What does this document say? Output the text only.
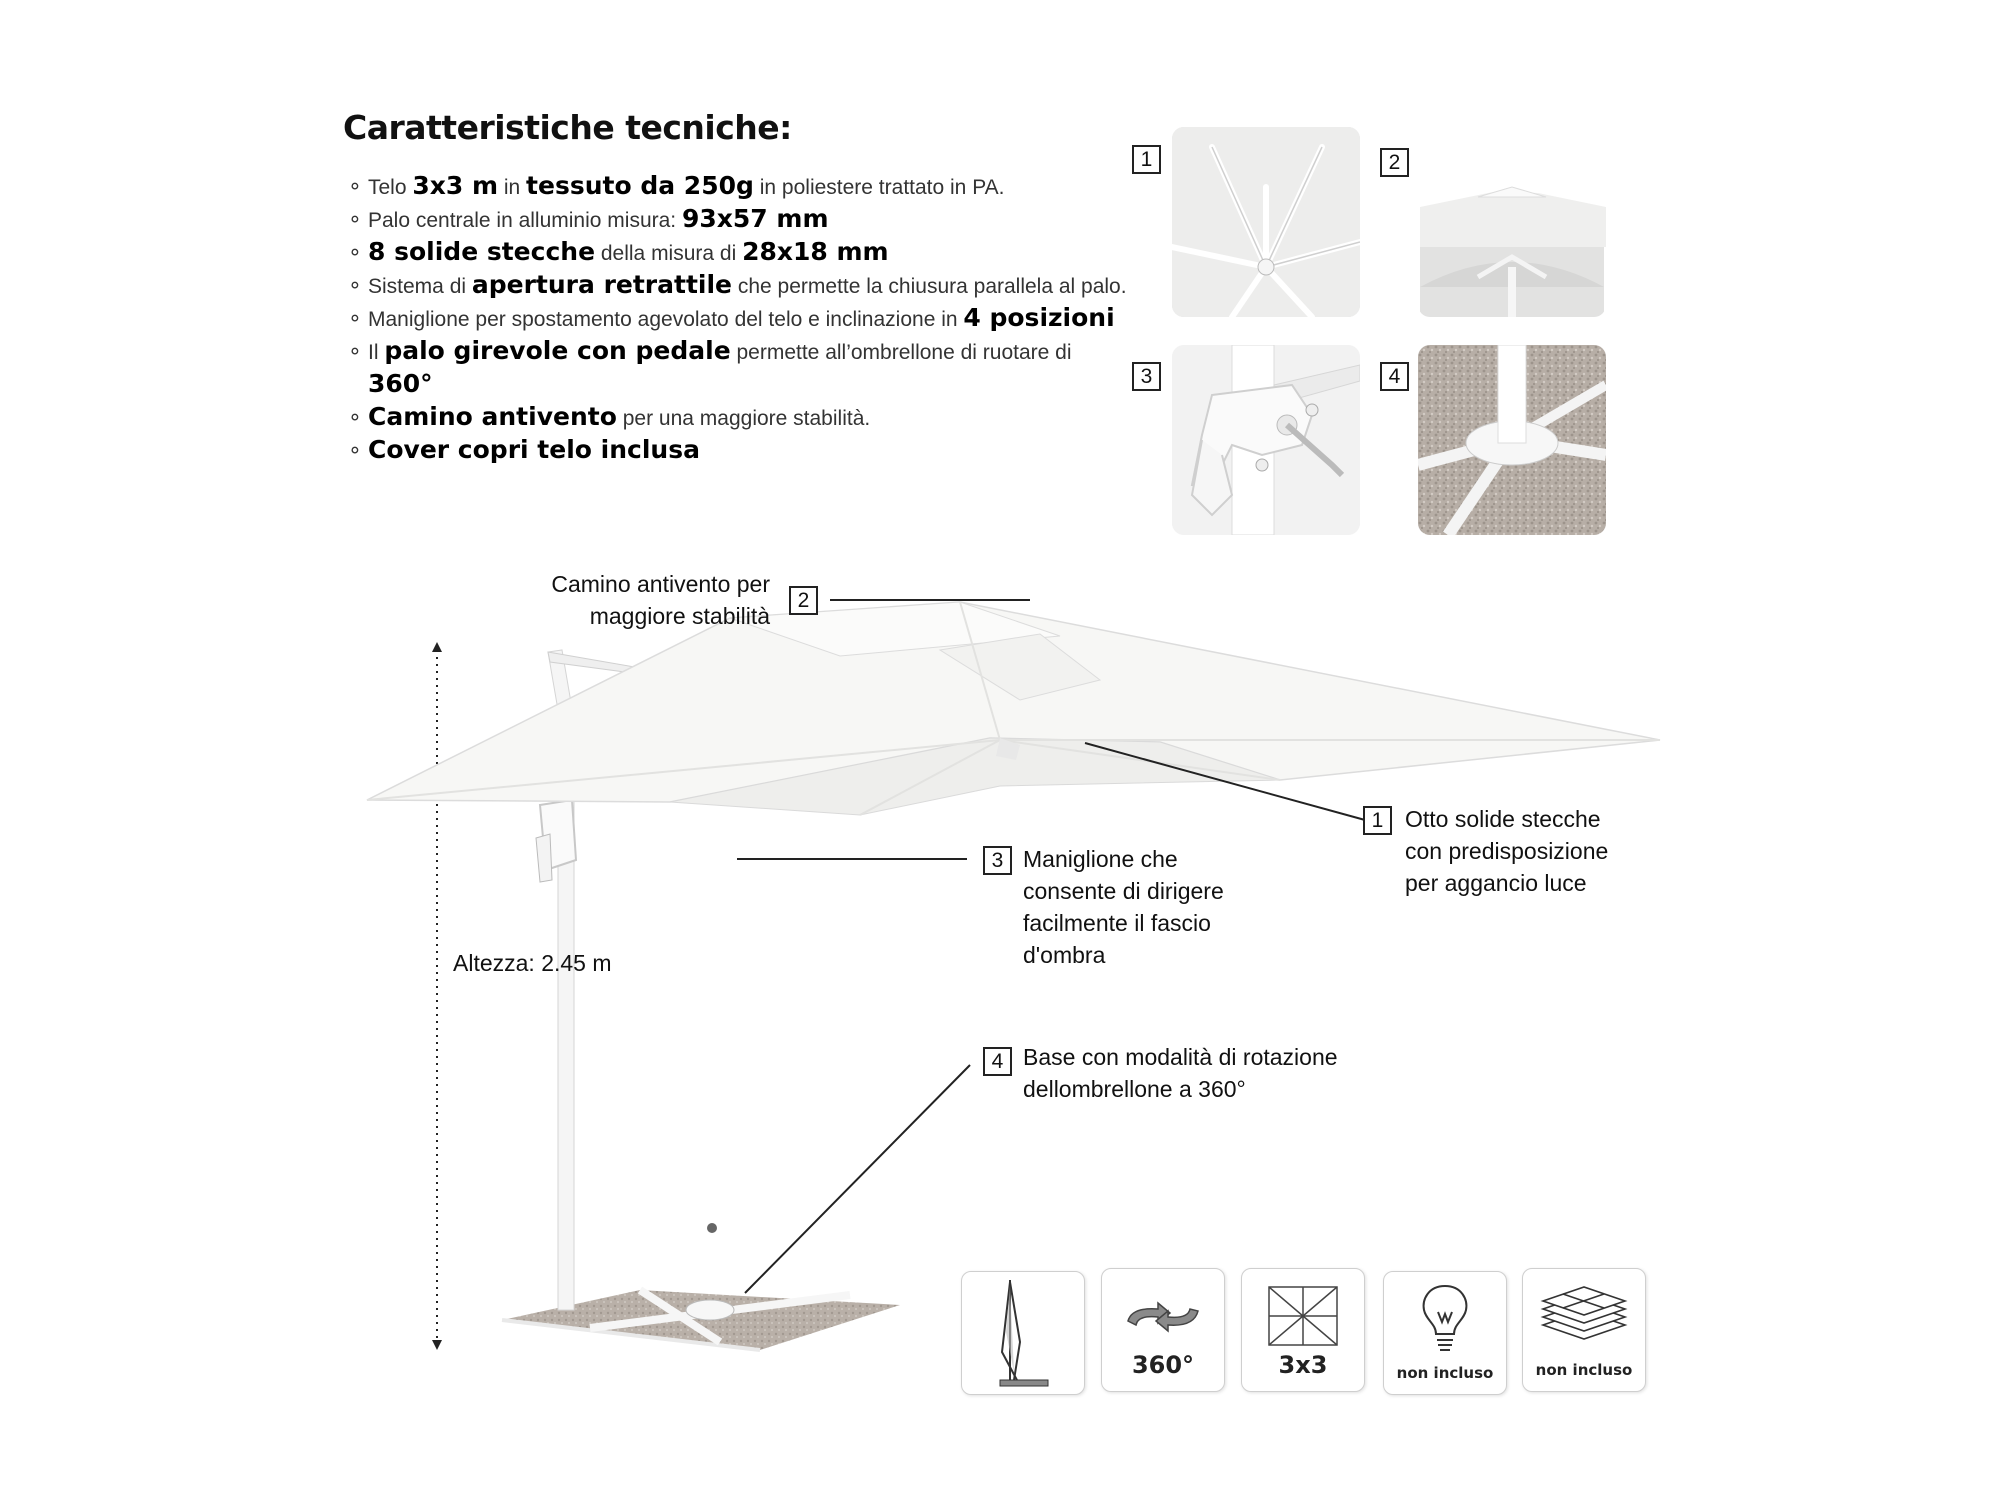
Caratteristiche tecniche:
∘ Telo 3x3 m in tessuto da 250g in poliestere trattato in PA.
∘ Palo centrale in alluminio misura: 93x57 mm
∘ 8 solide stecche della misura di 28x18 mm
∘ Sistema di apertura retrattile che permette la chiusura parallela al palo.
∘ Maniglione per spostamento agevolato del telo e inclinazione in 4 posizioni
∘ Il palo girevole con pedale permette all’ombrellone di ruotare di 360°
∘ Camino antivento per una maggiore stabilità.
∘ Cover copri telo inclusa
1	2
3	4
Camino antivento per
maggiore stabilità
2
1 Otto solide stecche
con predisposizione
per aggancio luce
3 Maniglione che
consente di dirigere
facilmente il fascio
d'ombra
4 Base con modalità di rotazione
dellombrellone a 360°
Altezza: 2.45 m
360°	3x3	non incluso	non incluso
